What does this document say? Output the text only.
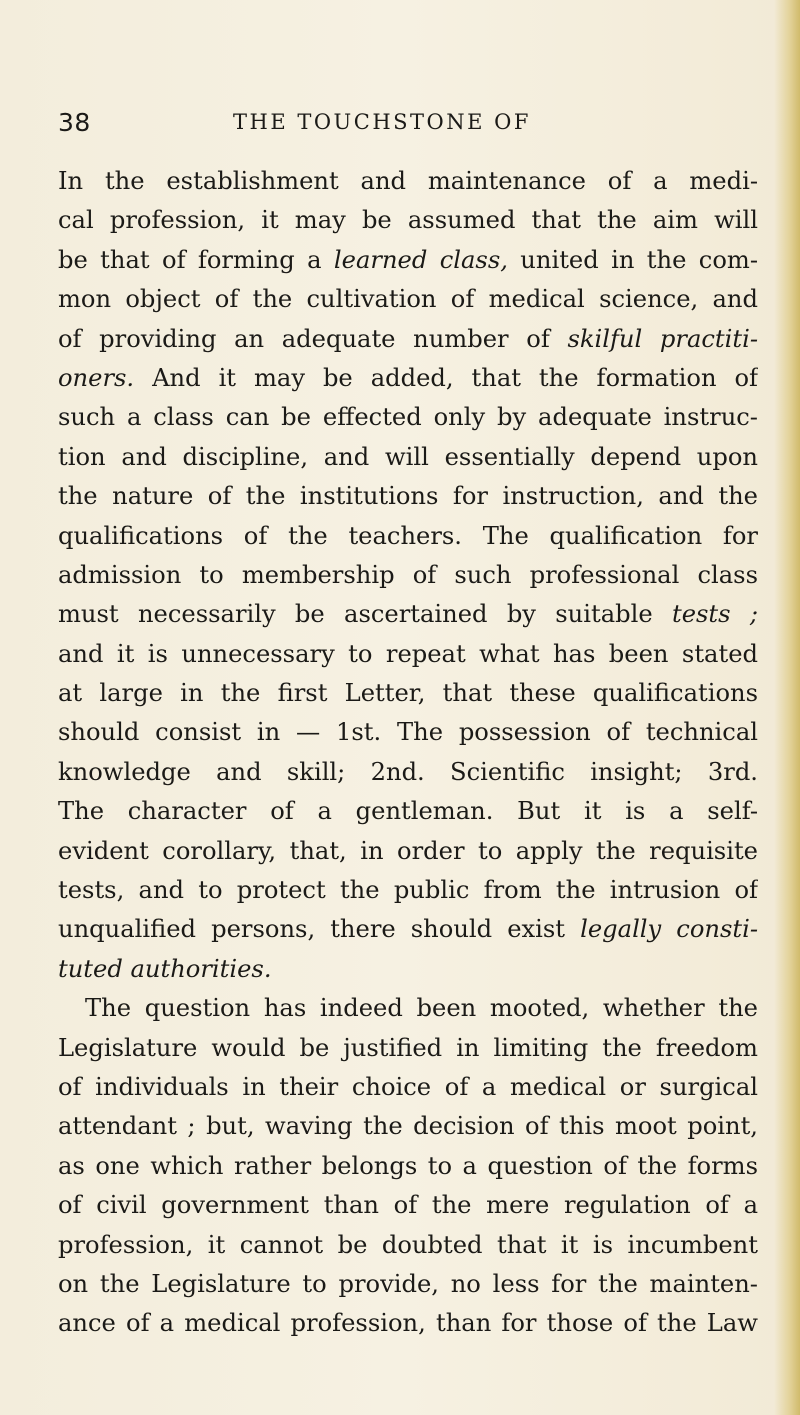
38	THE TOUCHSTONE OF
In the establishment and maintenance of a medi-
cal profession, it may be assumed that the aim will
be that of forming a learned class, united in the com-
mon object of the cultivation of medical science, and
of providing an adequate number of skilful practiti-
oners. And it may be added, that the formation of
such a class can be effected only by adequate instruc-
tion and discipline, and will essentially depend upon
the nature of the institutions for instruction, and the
qualifications of the teachers. The qualification for
admission to membership of such professional class
must necessarily be ascertained by suitable tests ;
and it is unnecessary to repeat what has been stated
at large in the first Letter, that these qualifications
should consist in — 1st. The possession of technical
knowledge and skill; 2nd. Scientific insight; 3rd.
The character of a gentleman. But it is a self-
evident corollary, that, in order to apply the requisite
tests, and to protect the public from the intrusion of
unqualified persons, there should exist legally consti-
tuted authorities.
The question has indeed been mooted, whether the
Legislature would be justified in limiting the freedom
of individuals in their choice of a medical or surgical
attendant ; but, waving the decision of this moot point,
as one which rather belongs to a question of the forms
of civil government than of the mere regulation of a
profession, it cannot be doubted that it is incumbent
on the Legislature to provide, no less for the mainten-
ance of a medical profession, than for those of the Law
